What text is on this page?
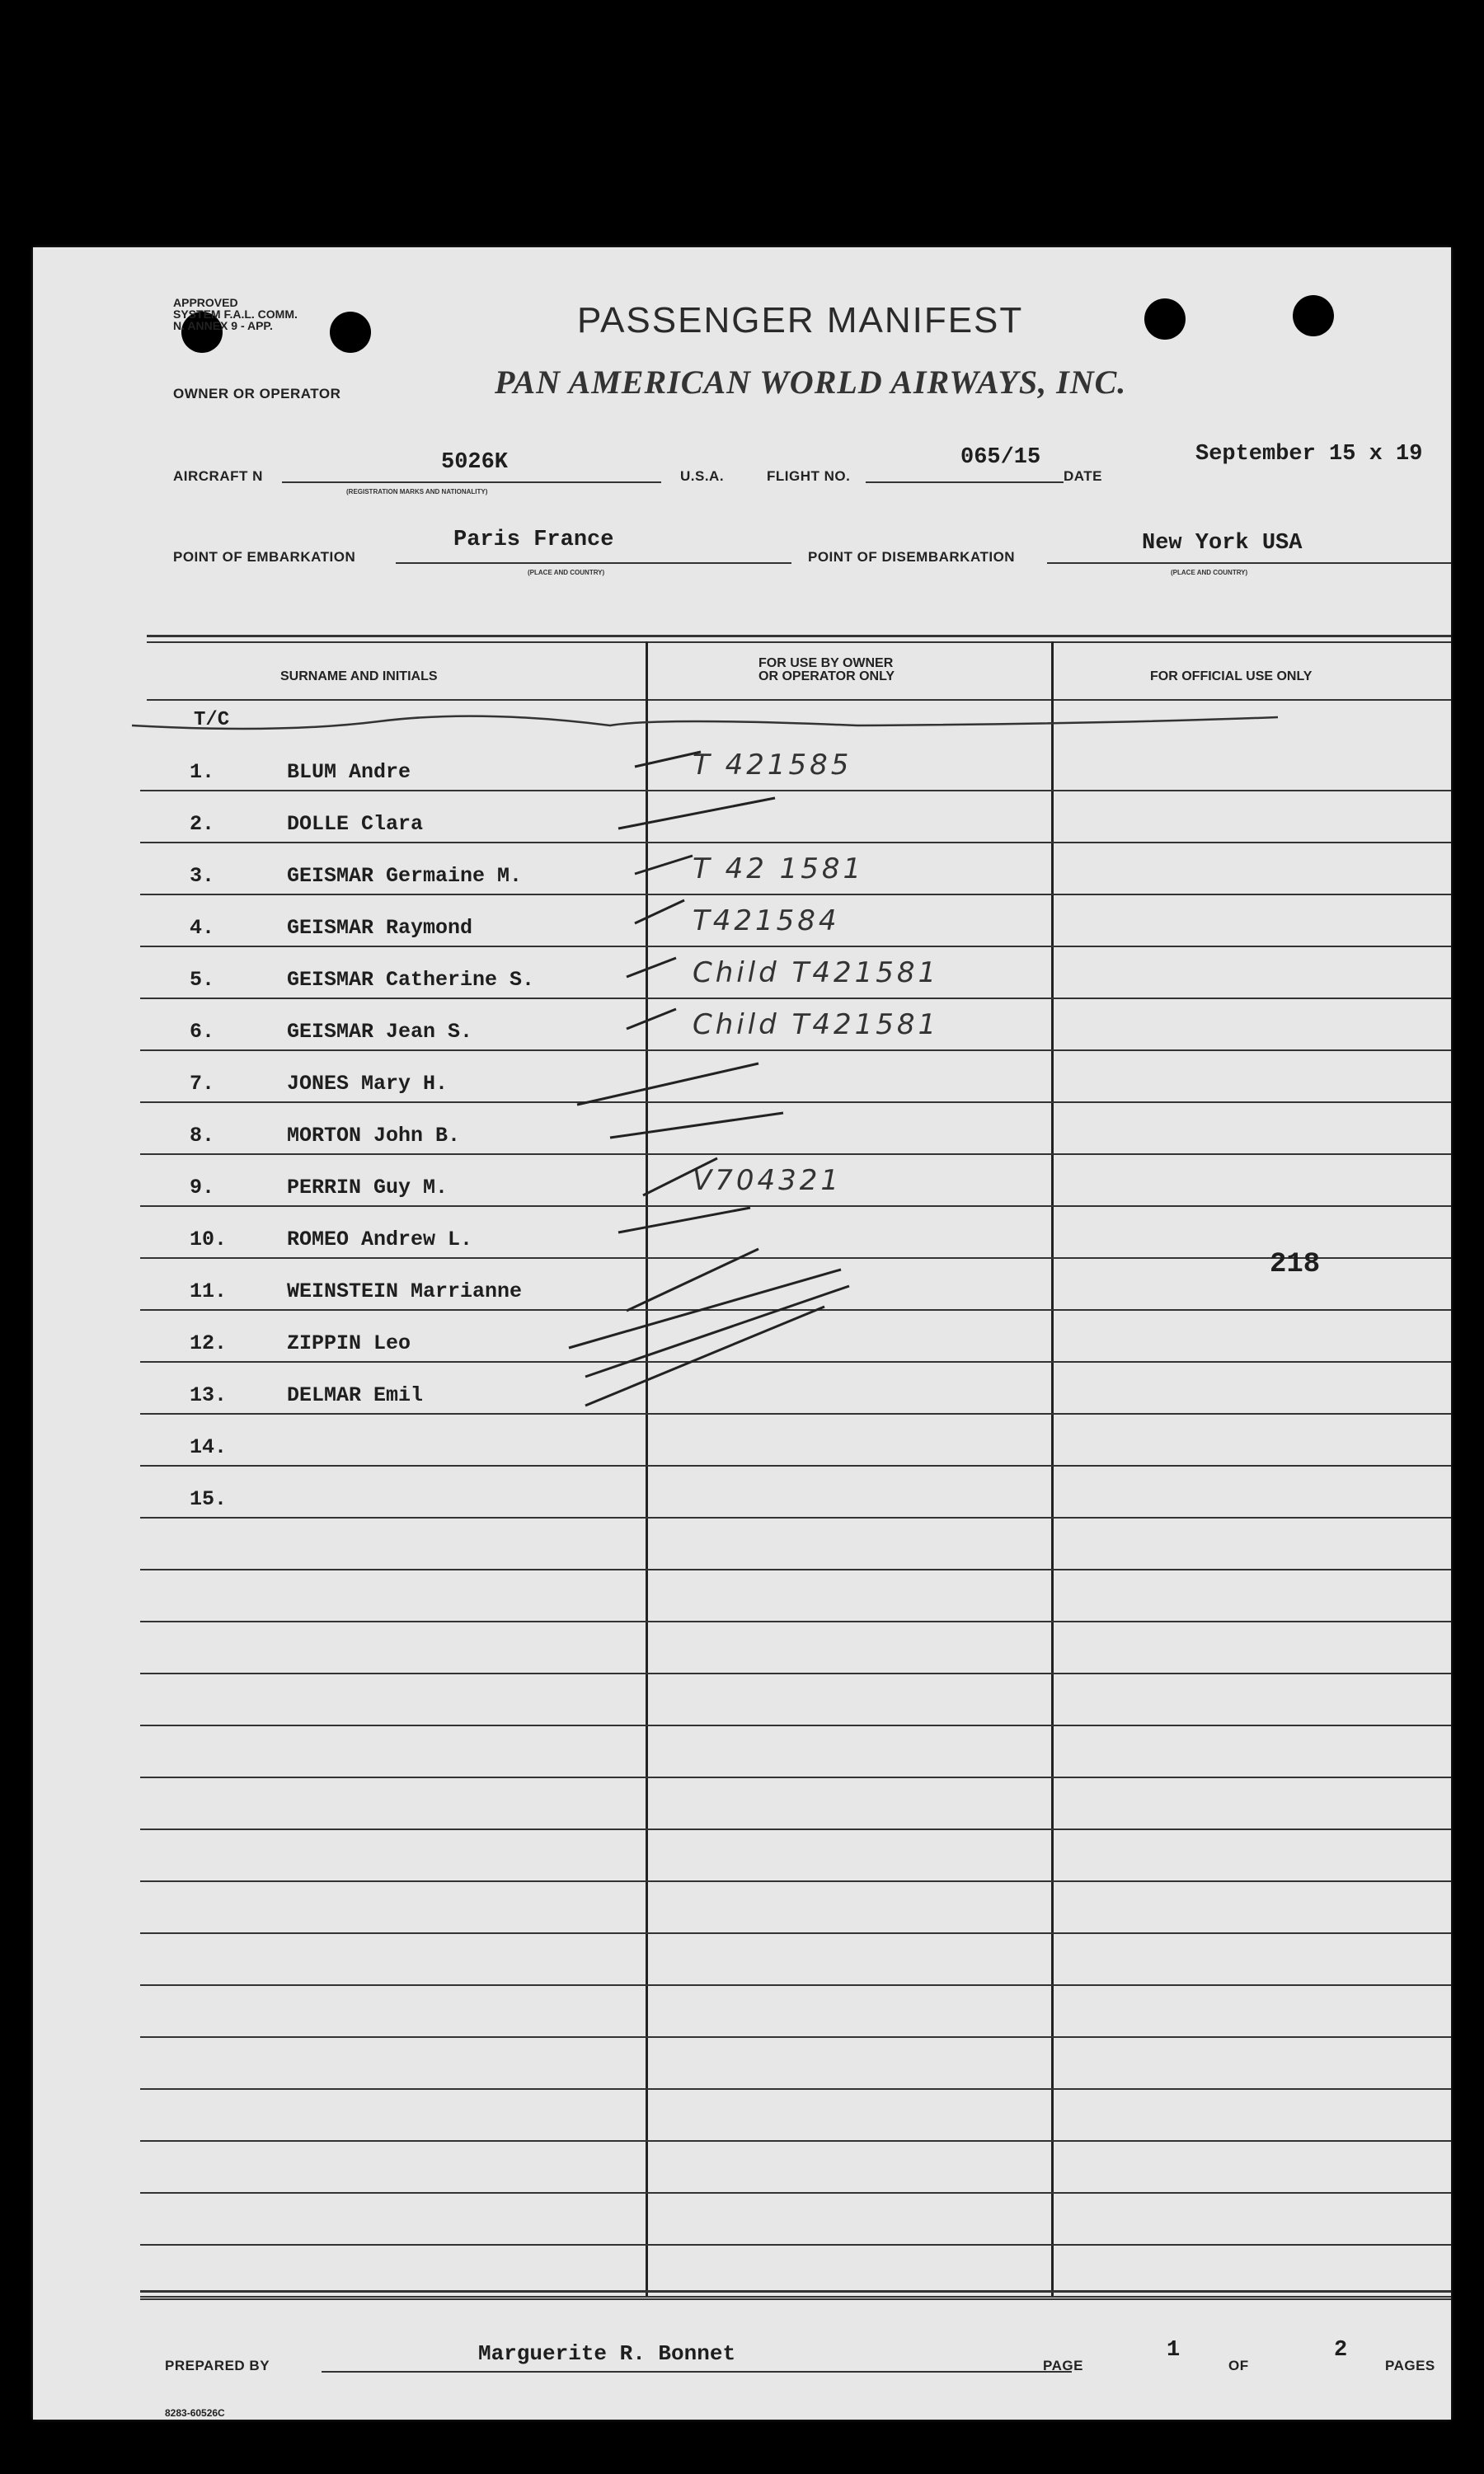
APPROVED
SYSTEM F.A.L. COMM.
N. ANNEX 9 - APP.	PASSENGER MANIFEST
OWNER OR OPERATOR	PAN AMERICAN WORLD AIRWAYS, INC.
AIRCRAFT N
5026K
(REGISTRATION MARKS AND NATIONALITY)
U.S.A.	FLIGHT NO.
065/15
DATE
September 15 x 19
POINT OF EMBARKATION
Paris France
(PLACE AND COUNTRY)
POINT OF DISEMBARKATION
New York USA
(PLACE AND COUNTRY)
SURNAME AND INITIALS
FOR USE BY OWNER
OR OPERATOR ONLY	FOR OFFICIAL USE ONLY
T/C
1.	BLUM Andre	T 421585
2.	DOLLE Clara
3.	GEISMAR Germaine M.	T 42 1581
4.	GEISMAR Raymond	T421584
5.	GEISMAR Catherine S.	Child T421581
6.	GEISMAR Jean S.	Child T421581
7.	JONES Mary H.
8.	MORTON John B.
9.	PERRIN Guy M.	V704321
10.	ROMEO Andrew L.
11.	WEINSTEIN Marrianne
12.	ZIPPIN Leo
13.	DELMAR Emil
14.
15.
218
PREPARED BY	Marguerite R. Bonnet	PAGE
1
OF
2
PAGES
8283-60526C
